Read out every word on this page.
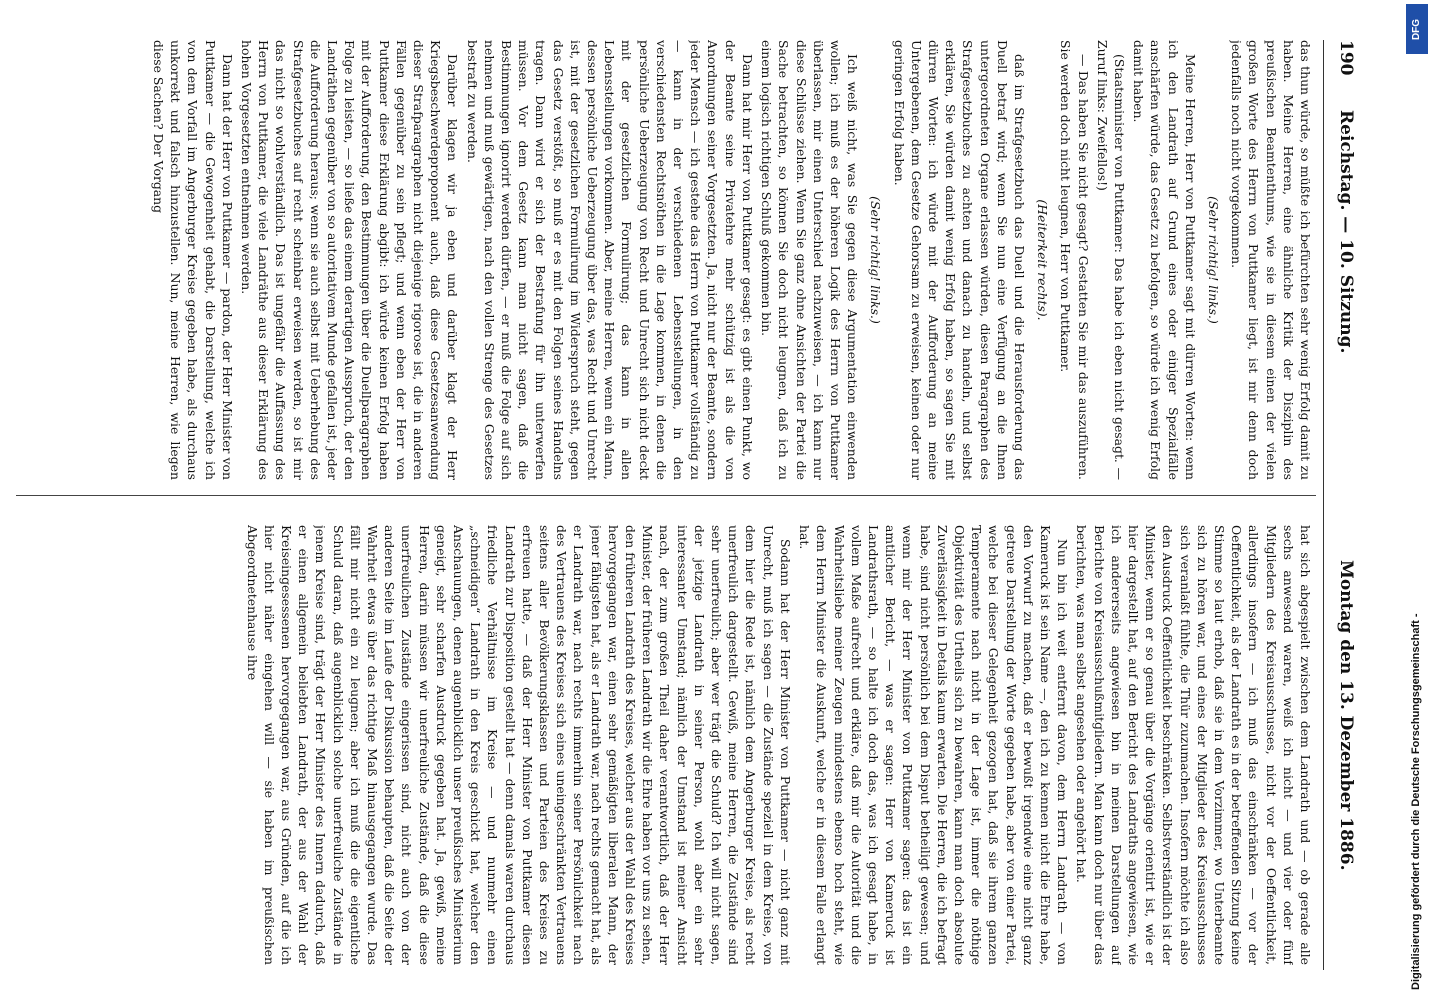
190
Reichstag. — 10. Sitzung.
Montag den 13. Dezember 1886.

das thun würde, so müßte ich befürchten sehr wenig Erfolg damit zu haben. Meine Herren, eine ähnliche Kritik der Disziplin des preußischen Beamtenthums, wie sie in diesem einen der vielen großen Worte des Herrn von Puttkamer liegt, ist mir denn doch jedenfalls noch nicht vorgekommen.

(Sehr richtig! links.)

Meine Herren, Herr von Puttkamer sagt mit dürren Worten: wenn ich den Landrath auf Grund eines oder einiger Spezialfälle anschärfen würde, das Gesetz zu befolgen, so würde ich wenig Erfolg damit haben.

(Staatsminister von Puttkamer: Das habe ich eben nicht gesagt. — Zuruf links: Zweifellos!)

— Das haben Sie nicht gesagt? Gestatten Sie mir das auszuführen. Sie werden doch nicht leugnen, Herr von Puttkamer.

(Heiterkeit rechts).

daß im Strafgesetzbuch das Duell und die Herausforderung das Duell betraf wird; wenn Sie nun eine Verfügung an die Ihnen untergeordneten Organe erlassen würden, diesen Paragraphen des Strafgesetzbuches zu achten und danach zu handeln, und selbst erklären, Sie würden damit wenig Erfolg haben, so sagen Sie mit dürren Worten: ich würde mit der Aufforderung an meine Untergebenen, dem Gesetze Gehorsam zu erweisen, keinen oder nur geringen Erfolg haben.

(Sehr richtig! links.)

Ich weiß nicht, was Sie gegen diese Argumentation einwenden wollen; ich muß es der höheren Logik des Herrn von Puttkamer überlassen, mir einen Unterschied nachzuweisen, — ich kann nur diese Schlüsse ziehen. Wenn Sie ganz ohne Ansichten der Partei die Sache betrachten, so können Sie doch nicht leugnen, daß ich zu einem logisch richtigen Schluß gekommen bin.

Dann hat mir Herr von Puttkamer gesagt: es gibt einen Punkt, wo der Beamte seine Privatehre mehr schützig ist als die von Anordnungen seiner Vorgesetzten. Ja, nicht nur der Beamte, sondern jeder Mensch — ich gestehe das Herrn von Puttkamer vollständig zu — kann in der verschiedenen Lebensstellungen, in den verschiedensten Rechtsnöthen in die Lage kommen, in denen die persönliche Ueberzeugung von Recht und Unrecht sich nicht deckt mit der gesetzlichen Formulirung; das kann in allen Lebensstellungen vorkommen. Aber, meine Herren, wenn ein Mann, dessen persönliche Ueberzeugung über das, was Recht und Unrecht ist, mit der gesetzlichen Formulirung im Widerspruch steht, gegen das Gesetz verstößt, so muß er es mit den Folgen seines Handelns tragen. Dann wird er sich der Bestrafung für ihn unterwerfen müssen. Vor dem Gesetz kann man nicht sagen, daß die Bestimmungen ignorirt werden dürfen, — er muß die Folge auf sich nehmen und muß gewärtigen, nach den vollen Strenge des Gesetzes bestraft zu werden.

Darüber klagen wir ja eben und darüber klagt der Herr Kriegsbeschwerdeproponent auch, daß diese Gesetzesanwendung dieser Strafparagraphen nicht diejenige rigorose ist, die in anderen Fällen gegenüber zu sein pflegt; und wenn eben der Herr von Puttkamer diese Erklärung abgibt: ich würde keinen Erfolg haben mit der Aufforderung, den Bestimmungen über die Duellparagraphen Folge zu leisten, — so ließe das einem derartigen Ausspruch, der den Landräthen gegenüber von so autoritativem Munde gefallen ist, jeder die Aufforderung heraus; wenn sie auch selbst mit Ueberhebung des Strafgesetzbuches auf recht scheinbar erweisen werden, so ist mir das nicht so wohlverständlich. Das ist ungefähr die Auffassung des Herrn von Puttkamer, die viele Landräthe aus dieser Erklärung des hohen Vorgesetzten entnehmen werden.

Dann hat der Herr von Puttkamer — pardon, der Herr Minister von Puttkamer — die Gewogenheit gehabt, die Darstellung, welche ich von dem Vorfall im Angerburger Kreise gegeben habe, als durchaus unkorrekt und falsch hinzustellen. Nun, meine Herren, wie liegen diese Sachen? Der Vorgang

hat sich abgespielt zwischen dem Landrath und — ob gerade alle sechs anwesend waren, weiß ich nicht — und vier oder fünf Mitgliedern des Kreisausschusses, nicht vor der Oeffentlichkeit, allerdings insofern — ich muß das einschränken — vor der Oeffentlichkeit, als der Landrath es in der betreffenden Sitzung keine Stimme so laut erhob, daß sie in dem Vorzimmer, wo Unterbeamte sich zu hören war, und eines der Mitglieder des Kreisausschusses sich veranlaßt fühlte, die Thür zuzumachen. Insofern möchte ich also den Ausdruck Oeffentlichkeit beschränken. Selbstverständlich ist der Minister, wenn er so genau über die Vorgänge orientirt ist, wie er hier dargestellt hat, auf den Bericht des Landraths angewiesen, wie ich andererseits angewiesen bin in meinen Darstellungen auf Berichte von Kreisausschußmitgliedern. Man kann doch nur über das berichten, was man selbst angesehen oder angehört hat.

Nun bin ich weit entfernt davon, dem Herrn Landrath — von Kameruck ist sein Name —, den ich zu kennen nicht die Ehre habe, den Vorwurf zu machen, daß er bewußt irgendwie eine nicht ganz getreue Darstellung der Worte gegeben habe, aber von einer Partei, welche bei dieser Gelegenheit gezogen hat, daß sie ihrem ganzen Temperamente nach nicht in der Lage ist, immer die nöthige Objektivität des Urtheils sich zu bewahren, kann man doch absolute Zuverlässigkeit in Details kaum erwarten. Die Herren, die ich befragt habe, sind nicht persönlich bei dem Disput betheiligt gewesen; und wenn mir der Herr Minister von Puttkamer sagen: das ist ein amtlicher Bericht, — was er sagen: Herr von Kameruck ist Landrathsrath, — so halte ich doch das, was ich gesagt habe, in vollem Maße aufrecht und erkläre, daß mir die Autorität und die Wahrheitsliebe meiner Zeugen mindestens ebenso hoch steht, wie dem Herrn Minister die Auskunft, welche er in diesem Falle erlangt hat.

Sodann hat der Herr Minister von Puttkamer — nicht ganz mit Unrecht, muß ich sagen — die Zustände speziell in dem Kreise, von dem hier die Rede ist, nämlich dem Angerburger Kreise, als recht unerfreulich dargestellt. Gewiß, meine Herren, die Zustände sind sehr unerfreulich; aber wer trägt die Schuld? Ich will nicht sagen, der jetzige Landrath in seiner Person, wohl aber ein sehr interessanter Umstand; nämlich der Umstand ist meiner Ansicht nach, der zum großen Theil daher verantwortlich, daß der Herr Minister, der früheren Landrath wir die Ehre haben vor uns zu sehen, den früheren Landrath des Kreises, welcher aus der Wahl des Kreises hervorgegangen war, einen sehr gemäßigten liberalen Mann, der jener fähigsten hat, als er Landrath war, nach rechts gemacht hat, als er Landrath war, nach rechts immerhin seiner Persönlichkeit nach des Vertrauens des Kreises sich eines uneingeschränkten Vertrauens seitens aller Bevölkerungsklassen und Parteien des Kreises zu erfreuen hatte, — daß der Herr Minister von Puttkamer diesen Landrath zur Disposition gestellt hat — denn damals waren durchaus friedliche Verhältnisse im Kreise — und nunmehr einen „schneidigen“ Landrath in den Kreis geschickt hat, welcher den Anschauungen, denen augenblicklich unser preußisches Ministerium geneigt, sehr scharfen Ausdruck gegeben hat. Ja, gewiß, meine Herren, darin müssen wir unerfreuliche Zustände, daß die diese unerfreulichen Zustände eingerissen sind, nicht auch von der anderen Seite im Laufe der Diskussion behaupten, daß die Seite der Wahrheit etwas über das richtige Maß hinausgegangen wurde. Das fällt mir nicht ein zu leugnen; aber ich muß die die eigentliche Schuld daran, daß augenblicklich solche unerfreuliche Zustände in jenem Kreise sind, trägt der Herr Minister des Innern dadurch, daß er einen allgemein beliebten Landrath, der aus der Wahl der Kreiseingesessenen hervorgegangen war, aus Gründen, auf die ich hier nicht näher eingehen will — sie haben im preußischen Abgeordnetenhause ihre

DFG
Digitalisierung gefördert durch die Deutsche Forschungsgemeinschaft -
